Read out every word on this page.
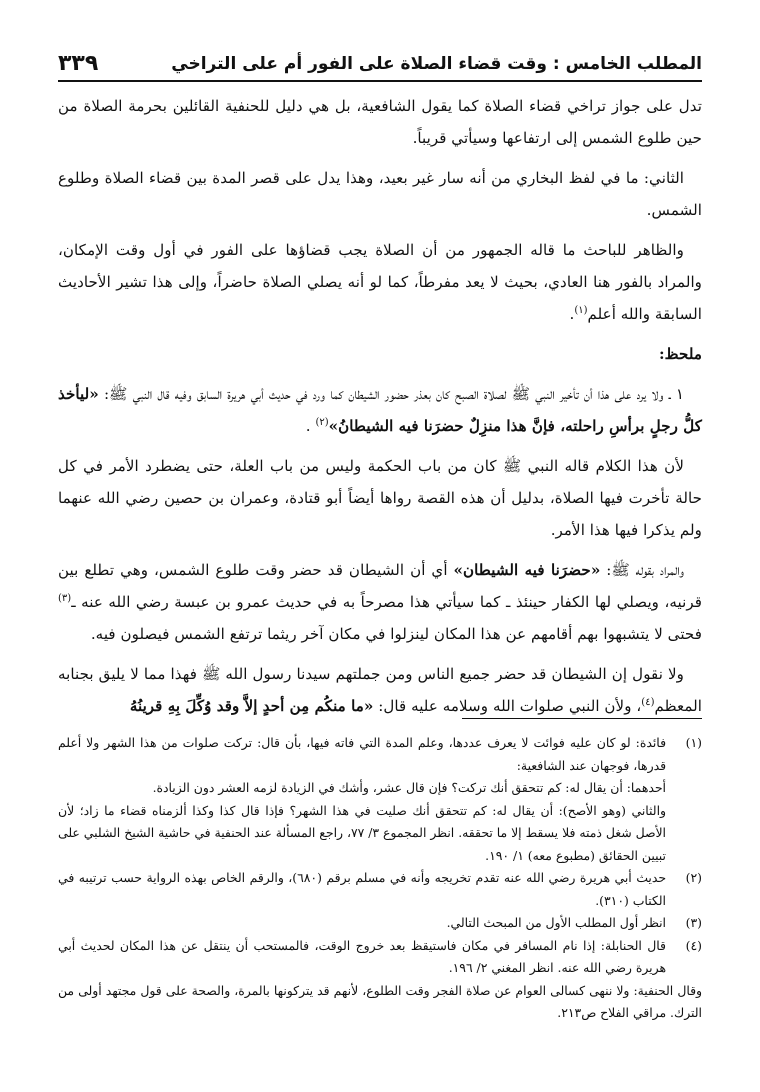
المطلب الخامس : وقت قضاء الصلاة على الفور أم على التراخي
٣٣٩

تدل على جواز تراخي قضاء الصلاة كما يقول الشافعية، بل هي دليل للحنفية القائلين بحرمة الصلاة من حين طلوع الشمس إلى ارتفاعها وسيأتي قريباً.

الثاني: ما في لفظ البخاري من أنه سار غير بعيد، وهذا يدل على قصر المدة بين قضاء الصلاة وطلوع الشمس.

والظاهر للباحث ما قاله الجمهور من أن الصلاة يجب قضاؤها على الفور في أول وقت الإمكان، والمراد بالفور هنا العادي، بحيث لا يعد مفرطاً، كما لو أنه يصلي الصلاة حاضراً، وإلى هذا تشير الأحاديث السابقة والله أعلم$^{(١)}$.

ملحظ:

١ ـ ولا يرد على هذا أن تأخير النبي ﷺ لصلاة الصبح كان بعذر حضور الشيطان كما ورد في حديث أبي هريرة السابق وفيه قال النبي ﷺ: «ليأخذ كلُّ رجلٍ برأسِ راحلته، فإنَّ هذا منزِلٌ حضرَنا فيه الشيطانُ»$^{(٢)}$ .

لأن هذا الكلام قاله النبي ﷺ كان من باب الحكمة وليس من باب العلة، حتى يضطرد الأمر في كل حالة تأخرت فيها الصلاة، بدليل أن هذه القصة رواها أيضاً أبو قتادة، وعمران بن حصين رضي الله عنهما ولم يذكرا فيها هذا الأمر.

والمراد بقوله ﷺ: «حضرَنا فيه الشيطان» أي أن الشيطان قد حضر وقت طلوع الشمس، وهي تطلع بين قرنيه، ويصلي لها الكفار حينئذ ـ كما سيأتي هذا مصرحاً به في حديث عمرو بن عبسة رضي الله عنه ـ$^{(٣)}$ فحتى لا يتشبهوا بهم أقامهم عن هذا المكان لينزلوا في مكان آخر ريثما ترتفع الشمس فيصلون فيه.

ولا نقول إن الشيطان قد حضر جميع الناس ومن جملتهم سيدنا رسول الله ﷺ فهذا مما لا يليق بجنابه المعظم$^{(٤)}$، ولأن النبي صلوات الله وسلامه عليه قال: «ما منكُم مِن أحدٍ إلاَّ وقد وُكِّلَ بِهِ قرينُهُ

(١)
فائدة: لو كان عليه فوائت لا يعرف عددها، وعلم المدة التي فاته فيها، بأن قال: تركت صلوات من هذا الشهر ولا أعلم قدرها، فوجهان عند الشافعية:
أحدهما: أن يقال له: كم تتحقق أنك تركت؟ فإن قال عشر، وأشك في الزيادة لزمه العشر دون الزيادة.
والثاني (وهو الأصح): أن يقال له: كم تتحقق أنك صليت في هذا الشهر؟ فإذا قال كذا وكذا ألزمناه قضاء ما زاد؛ لأن الأصل شغل ذمته فلا يسقط إلا ما تحققه. انظر المجموع ٣/ ٧٧، راجع المسألة عند الحنفية في حاشية الشيخ الشلبي على تبيين الحقائق (مطبوع معه) ١/ ١٩٠.
(٢)
حديث أبي هريرة رضي الله عنه تقدم تخريجه وأنه في مسلم برقم (٦٨٠)، والرقم الخاص بهذه الرواية حسب ترتيبه في الكتاب (٣١٠).
(٣)
انظر أول المطلب الأول من المبحث التالي.
(٤)
قال الحنابلة: إذا نام المسافر في مكان فاستيقظ بعد خروج الوقت، فالمستحب أن ينتقل عن هذا المكان لحديث أبي هريرة رضي الله عنه. انظر المغني ٢/ ١٩٦.
وقال الحنفية: ولا ننهى كسالى العوام عن صلاة الفجر وقت الطلوع، لأنهم قد يتركونها بالمرة، والصحة على قول مجتهد أولى من الترك. مراقي الفلاح ص٢١٣.
